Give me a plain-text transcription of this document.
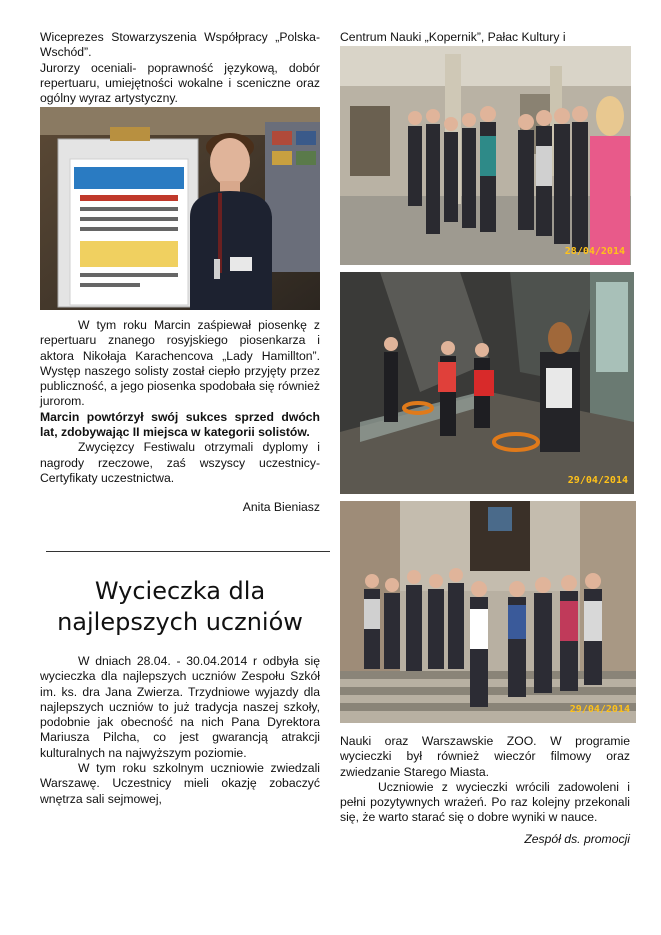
Wiceprezes Stowarzyszenia Współpracy „Polska-Wschód”.

Jurorzy oceniali- poprawność językową, dobór repertuaru, umiejętności wokalne i sceniczne oraz ogólny wyraz artystyczny.

W tym roku Marcin zaśpiewał piosenkę z repertuaru znanego rosyjskiego piosenkarza i aktora Nikołaja Karachencova „Lady Hamillton”. Występ naszego solisty został ciepło przyjęty przez publiczność, a jego piosenka spodobała się również jurorom.

Marcin powtórzył swój sukces sprzed dwóch lat, zdobywając II miejsca w kategorii solistów.

Zwycięzcy Festiwalu otrzymali dyplomy i nagrody rzeczowe, zaś wszyscy uczestnicy-Certyfikaty uczestnictwa.

Anita Bieniasz
Wycieczka dla
najlepszych uczniów

W dniach 28.04. - 30.04.2014 r odbyła się wycieczka dla najlepszych uczniów Zespołu Szkół im. ks. dra Jana Zwierza. Trzydniowe wyjazdy dla najlepszych uczniów to już tradycja naszej szkoły, podobnie jak obecność na nich Pana Dyrektora Mariusza Pilcha, co jest gwarancją atrakcji kulturalnych na najwyższym poziomie.

W tym roku szkolnym uczniowie zwiedzali Warszawę. Uczestnicy mieli okazję zobaczyć wnętrza sali sejmowej,

Centrum Nauki „Kopernik”, Pałac Kultury i

28/04/2014
29/04/2014
29/04/2014

Nauki oraz Warszawskie ZOO. W programie wycieczki był również wieczór filmowy oraz zwiedzanie Starego Miasta.

Uczniowie z wycieczki wrócili zadowoleni i pełni pozytywnych wrażeń. Po raz kolejny przekonali się, że warto starać się o dobre wyniki w nauce.

Zespół ds. promocji
